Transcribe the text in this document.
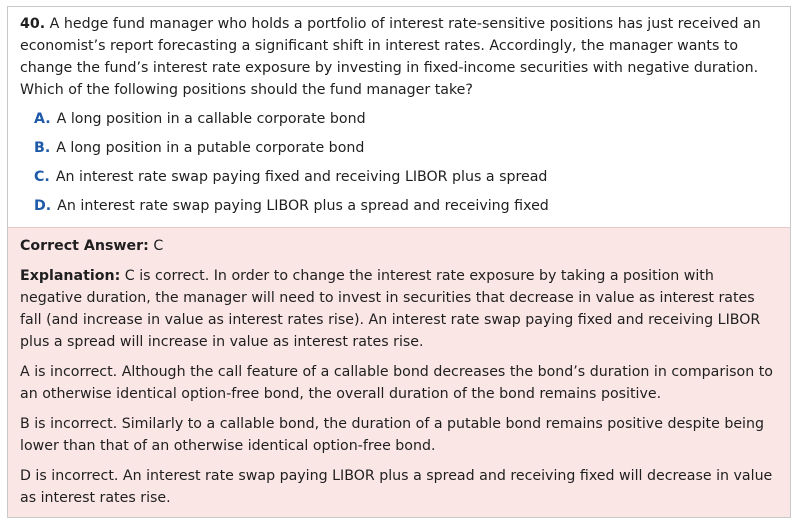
40. A hedge fund manager who holds a portfolio of interest rate-sensitive positions has just received an economist’s report forecasting a significant shift in interest rates. Accordingly, the manager wants to change the fund’s interest rate exposure by investing in fixed-income securities with negative duration. Which of the following positions should the fund manager take?

A. A long position in a callable corporate bond
B. A long position in a putable corporate bond
C. An interest rate swap paying fixed and receiving LIBOR plus a spread
D. An interest rate swap paying LIBOR plus a spread and receiving fixed

Correct Answer: C

Explanation: C is correct. In order to change the interest rate exposure by taking a position with negative duration, the manager will need to invest in securities that decrease in value as interest rates fall (and increase in value as interest rates rise). An interest rate swap paying fixed and receiving LIBOR plus a spread will increase in value as interest rates rise.

A is incorrect. Although the call feature of a callable bond decreases the bond’s duration in comparison to an otherwise identical option-free bond, the overall duration of the bond remains positive.

B is incorrect. Similarly to a callable bond, the duration of a putable bond remains positive despite being lower than that of an otherwise identical option-free bond.

D is incorrect. An interest rate swap paying LIBOR plus a spread and receiving fixed will decrease in value as interest rates rise.
